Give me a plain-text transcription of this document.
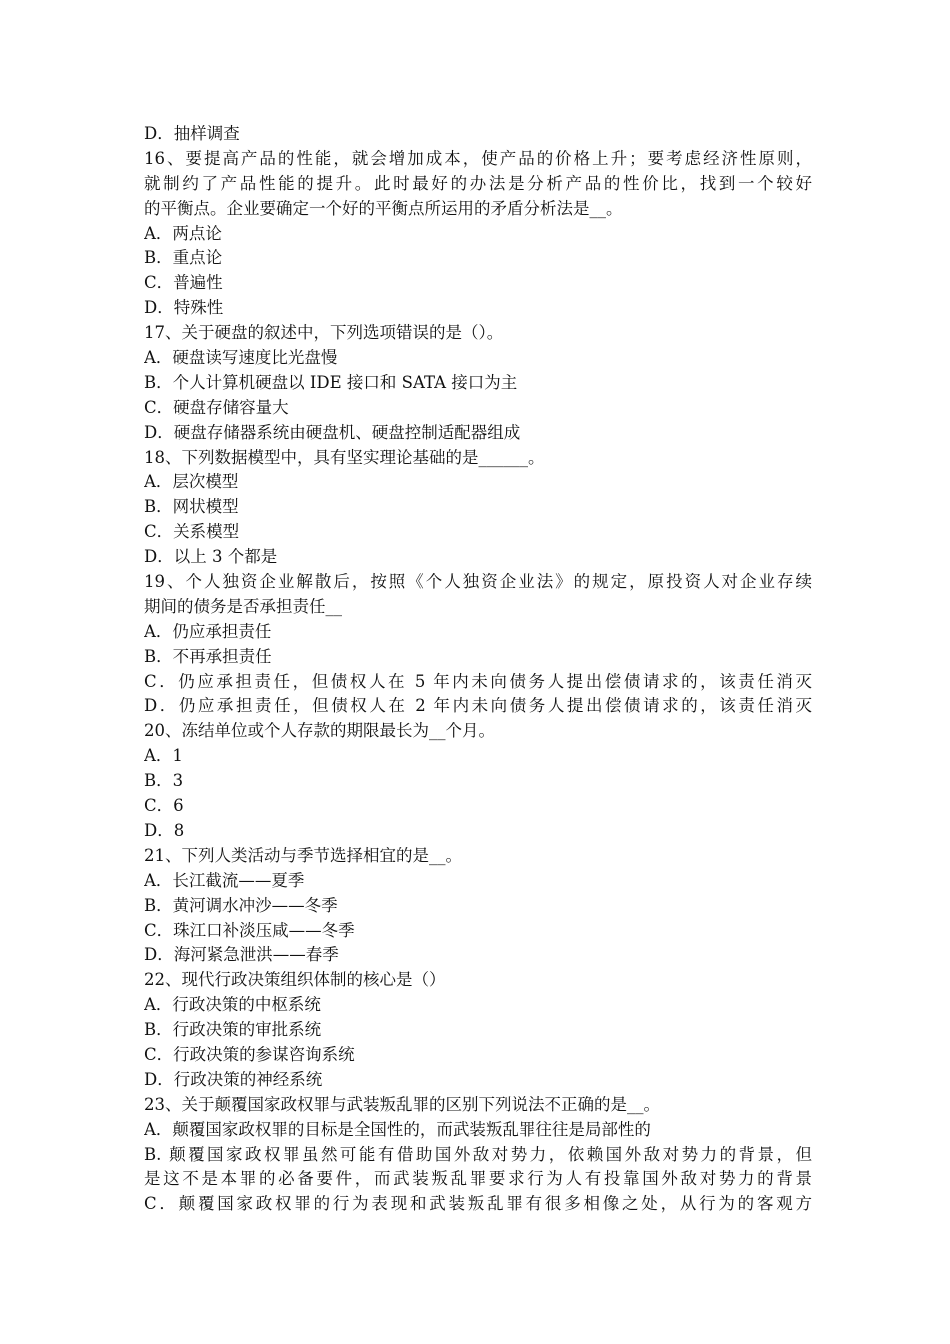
D．抽样调查
16、要提高产品的性能，就会增加成本，使产品的价格上升；要考虑经济性原则，
就制约了产品性能的提升。此时最好的办法是分析产品的性价比，找到一个较好
的平衡点。企业要确定一个好的平衡点所运用的矛盾分析法是__。
A．两点论
B．重点论
C．普遍性
D．特殊性
17、关于硬盘的叙述中，下列选项错误的是（）。
A．硬盘读写速度比光盘慢
B．个人计算机硬盘以 IDE 接口和 SATA 接口为主
C．硬盘存储容量大
D．硬盘存储器系统由硬盘机、硬盘控制适配器组成
18、下列数据模型中，具有坚实理论基础的是______。
A．层次模型
B．网状模型
C．关系模型
D．以上 3 个都是
19、个人独资企业解散后，按照《个人独资企业法》的规定，原投资人对企业存续
期间的债务是否承担责任__
A．仍应承担责任
B．不再承担责任
C．仍应承担责任，但债权人在 5 年内未向债务人提出偿债请求的，该责任消灭
D．仍应承担责任，但债权人在 2 年内未向债务人提出偿债请求的，该责任消灭
20、冻结单位或个人存款的期限最长为__个月。
A．1
B．3
C．6
D．8
21、下列人类活动与季节选择相宜的是__。
A．长江截流——夏季
B．黄河调水冲沙——冬季
C．珠江口补淡压咸——冬季
D．海河紧急泄洪——春季
22、现代行政决策组织体制的核心是（）
A．行政决策的中枢系统
B．行政决策的审批系统
C．行政决策的参谋咨询系统
D．行政决策的神经系统
23、关于颠覆国家政权罪与武装叛乱罪的区别下列说法不正确的是__。
A．颠覆国家政权罪的目标是全国性的，而武装叛乱罪往往是局部性的
B. 颠覆国家政权罪虽然可能有借助国外敌对势力，依赖国外敌对势力的背景，但
是这不是本罪的必备要件，而武装叛乱罪要求行为人有投靠国外敌对势力的背景
C．颠覆国家政权罪的行为表现和武装叛乱罪有很多相像之处，从行为的客观方
